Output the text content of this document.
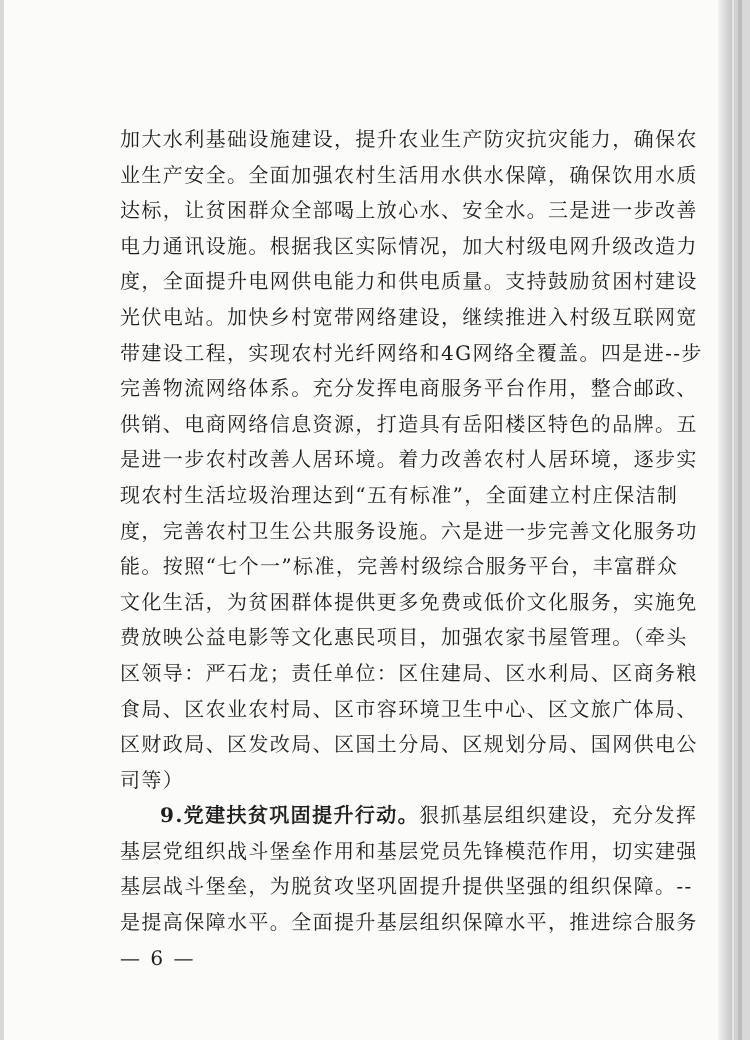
加大水利基础设施建设，提升农业生产防灾抗灾能力，确保农
业生产安全。全面加强农村生活用水供水保障，确保饮用水质
达标，让贫困群众全部喝上放心水、安全水。三是进一步改善
电力通讯设施。根据我区实际情况，加大村级电网升级改造力
度，全面提升电网供电能力和供电质量。支持鼓励贫困村建设
光伏电站。加快乡村宽带网络建设，继续推进入村级互联网宽
带建设工程，实现农村光纤网络和4G网络全覆盖。四是进--步
完善物流网络体系。充分发挥电商服务平台作用，整合邮政、
供销、电商网络信息资源，打造具有岳阳楼区特色的品牌。五
是进一步农村改善人居环境。着力改善农村人居环境，逐步实
现农村生活垃圾治理达到“五有标准”，全面建立村庄保洁制
度，完善农村卫生公共服务设施。六是进一步完善文化服务功
能。按照“七个一”标准，完善村级综合服务平台，丰富群众
文化生活，为贫困群体提供更多免费或低价文化服务，实施免
费放映公益电影等文化惠民项目，加强农家书屋管理。（牵头
区领导：严石龙；责任单位：区住建局、区水利局、区商务粮
食局、区农业农村局、区市容环境卫生中心、区文旅广体局、
区财政局、区发改局、区国土分局、区规划分局、国网供电公
司等）
9.党建扶贫巩固提升行动。狠抓基层组织建设，充分发挥
基层党组织战斗堡垒作用和基层党员先锋模范作用，切实建强
基层战斗堡垒，为脱贫攻坚巩固提升提供坚强的组织保障。--
是提高保障水平。全面提升基层组织保障水平，推进综合服务
— 6 —
